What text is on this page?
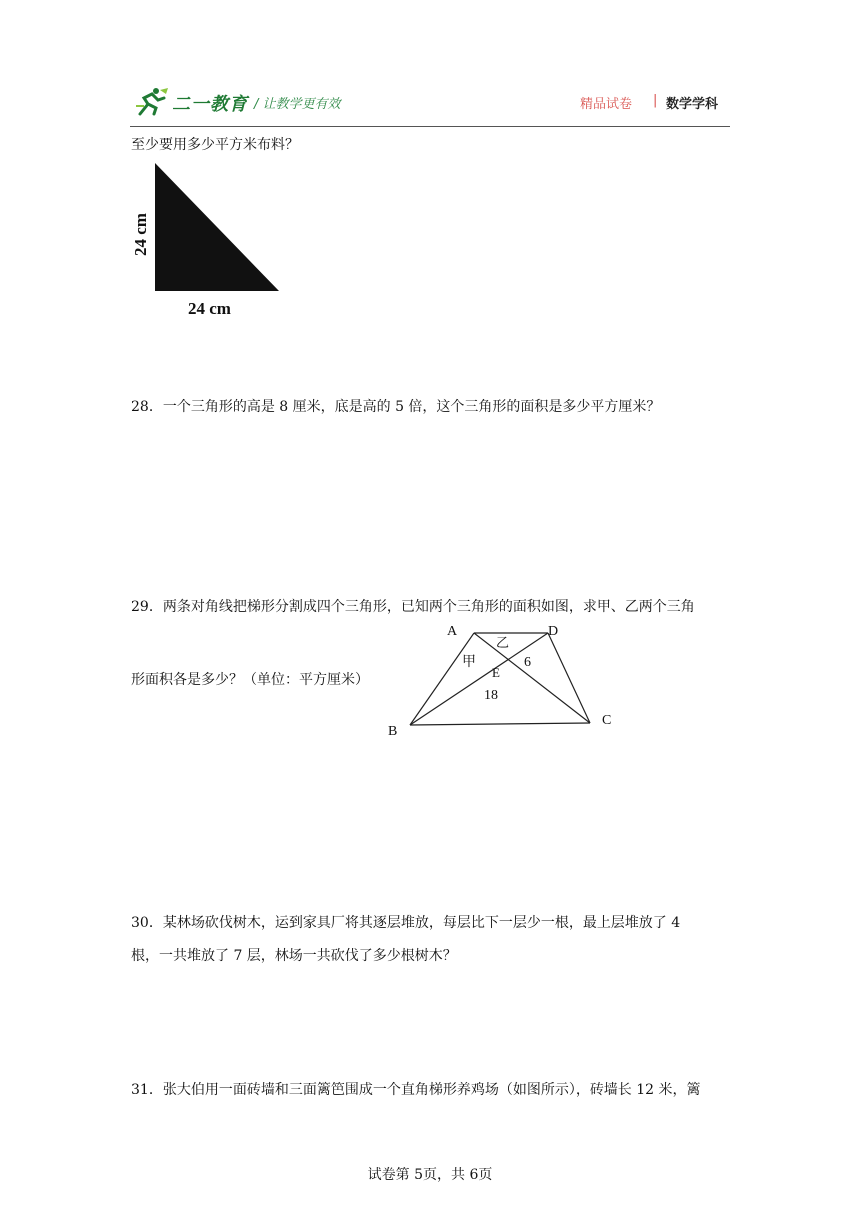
二一教育 / 让教学更有效	精品试卷 | 数学学科
至少要用多少平方米布料？
24 cm
24 cm
28．一个三角形的高是 8 厘米，底是高的 5 倍，这个三角形的面积是多少平方厘米？
29．两条对角线把梯形分割成四个三角形，已知两个三角形的面积如图，求甲、乙两个三角
形面积各是多少？（单位：平方厘米）
A	D
B
C
E
甲
乙
6
18
30．某林场砍伐树木，运到家具厂将其逐层堆放，每层比下一层少一根，最上层堆放了 4
根，一共堆放了 7 层，林场一共砍伐了多少根树木？
31．张大伯用一面砖墙和三面篱笆围成一个直角梯形养鸡场（如图所示），砖墙长 12 米，篱
试卷第 5页，共 6页
